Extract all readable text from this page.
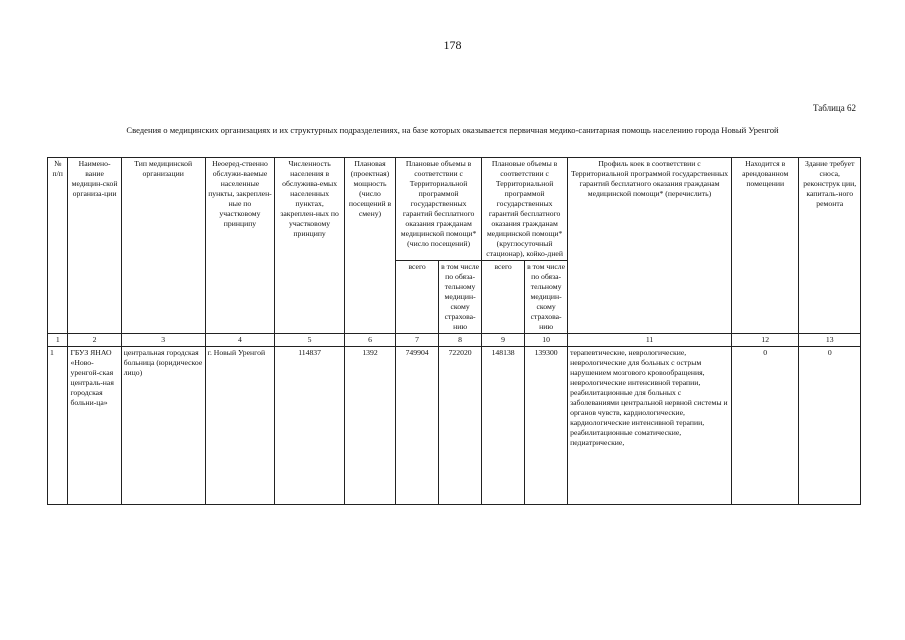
178
Таблица 62
Сведения о медицинских организациях и их структурных подразделениях, на базе которых оказывается первичная медико-санитарная помощь населению города Новый Уренгой
№ п/п	Наимено-вание медицин-ской организа-ции	Тип медицинской организации	Неоеред-ственно обслужи-ваемые населенные пункты, закреплен-ные по участковому принципу	Численность населения в обслужива-емых населенных пунктах, закреплен-ных по участковому принципу	Плановая (проектная) мощность (число посещений в смену)	Плановые объемы в соответствии с Территориальной программой государственных гарантий бесплатного оказания гражданам медицинской помощи* (число посещений)		Плановые объемы в соответствии с Территориальной программой государственных гарантий бесплатного оказания гражданам медицинской помощи* (круглосуточный стационар), койко-дней		Профиль коек в соответствии с Территориальной программой государственных гарантий бесплатного оказания гражданам медицинской помощи* (перечислить)	Находится в арендованном помещении	Здание требует сноса, реконструк ции, капиталь-ного ремонта
						всего	в том числе по обяза-тельному медицин-скому страхова-нию	всего	в том числе по обяза-тельному медицин-скому страхова-нию			
1	2	3	4	5	6	7	8	9	10	11	12	13
1	ГБУЗ ЯНАО «Ново-уренгой-ская централь-ная городская больни-ца»	центральная городская больница (юридическое лицо)	г. Новый Уренгой	114837	1392	749904	722020	148138	139300	терапевтические, неврологические, неврологические для больных с острым нарушением мозгового кровообращения, неврологические интенсивной терапии, реабилитационные для больных с заболеваниями центральной нервной системы и органов чувств, кардиологические, кардиологические интенсивной терапии, реабилитационные соматические, педиатрические,	0	0
